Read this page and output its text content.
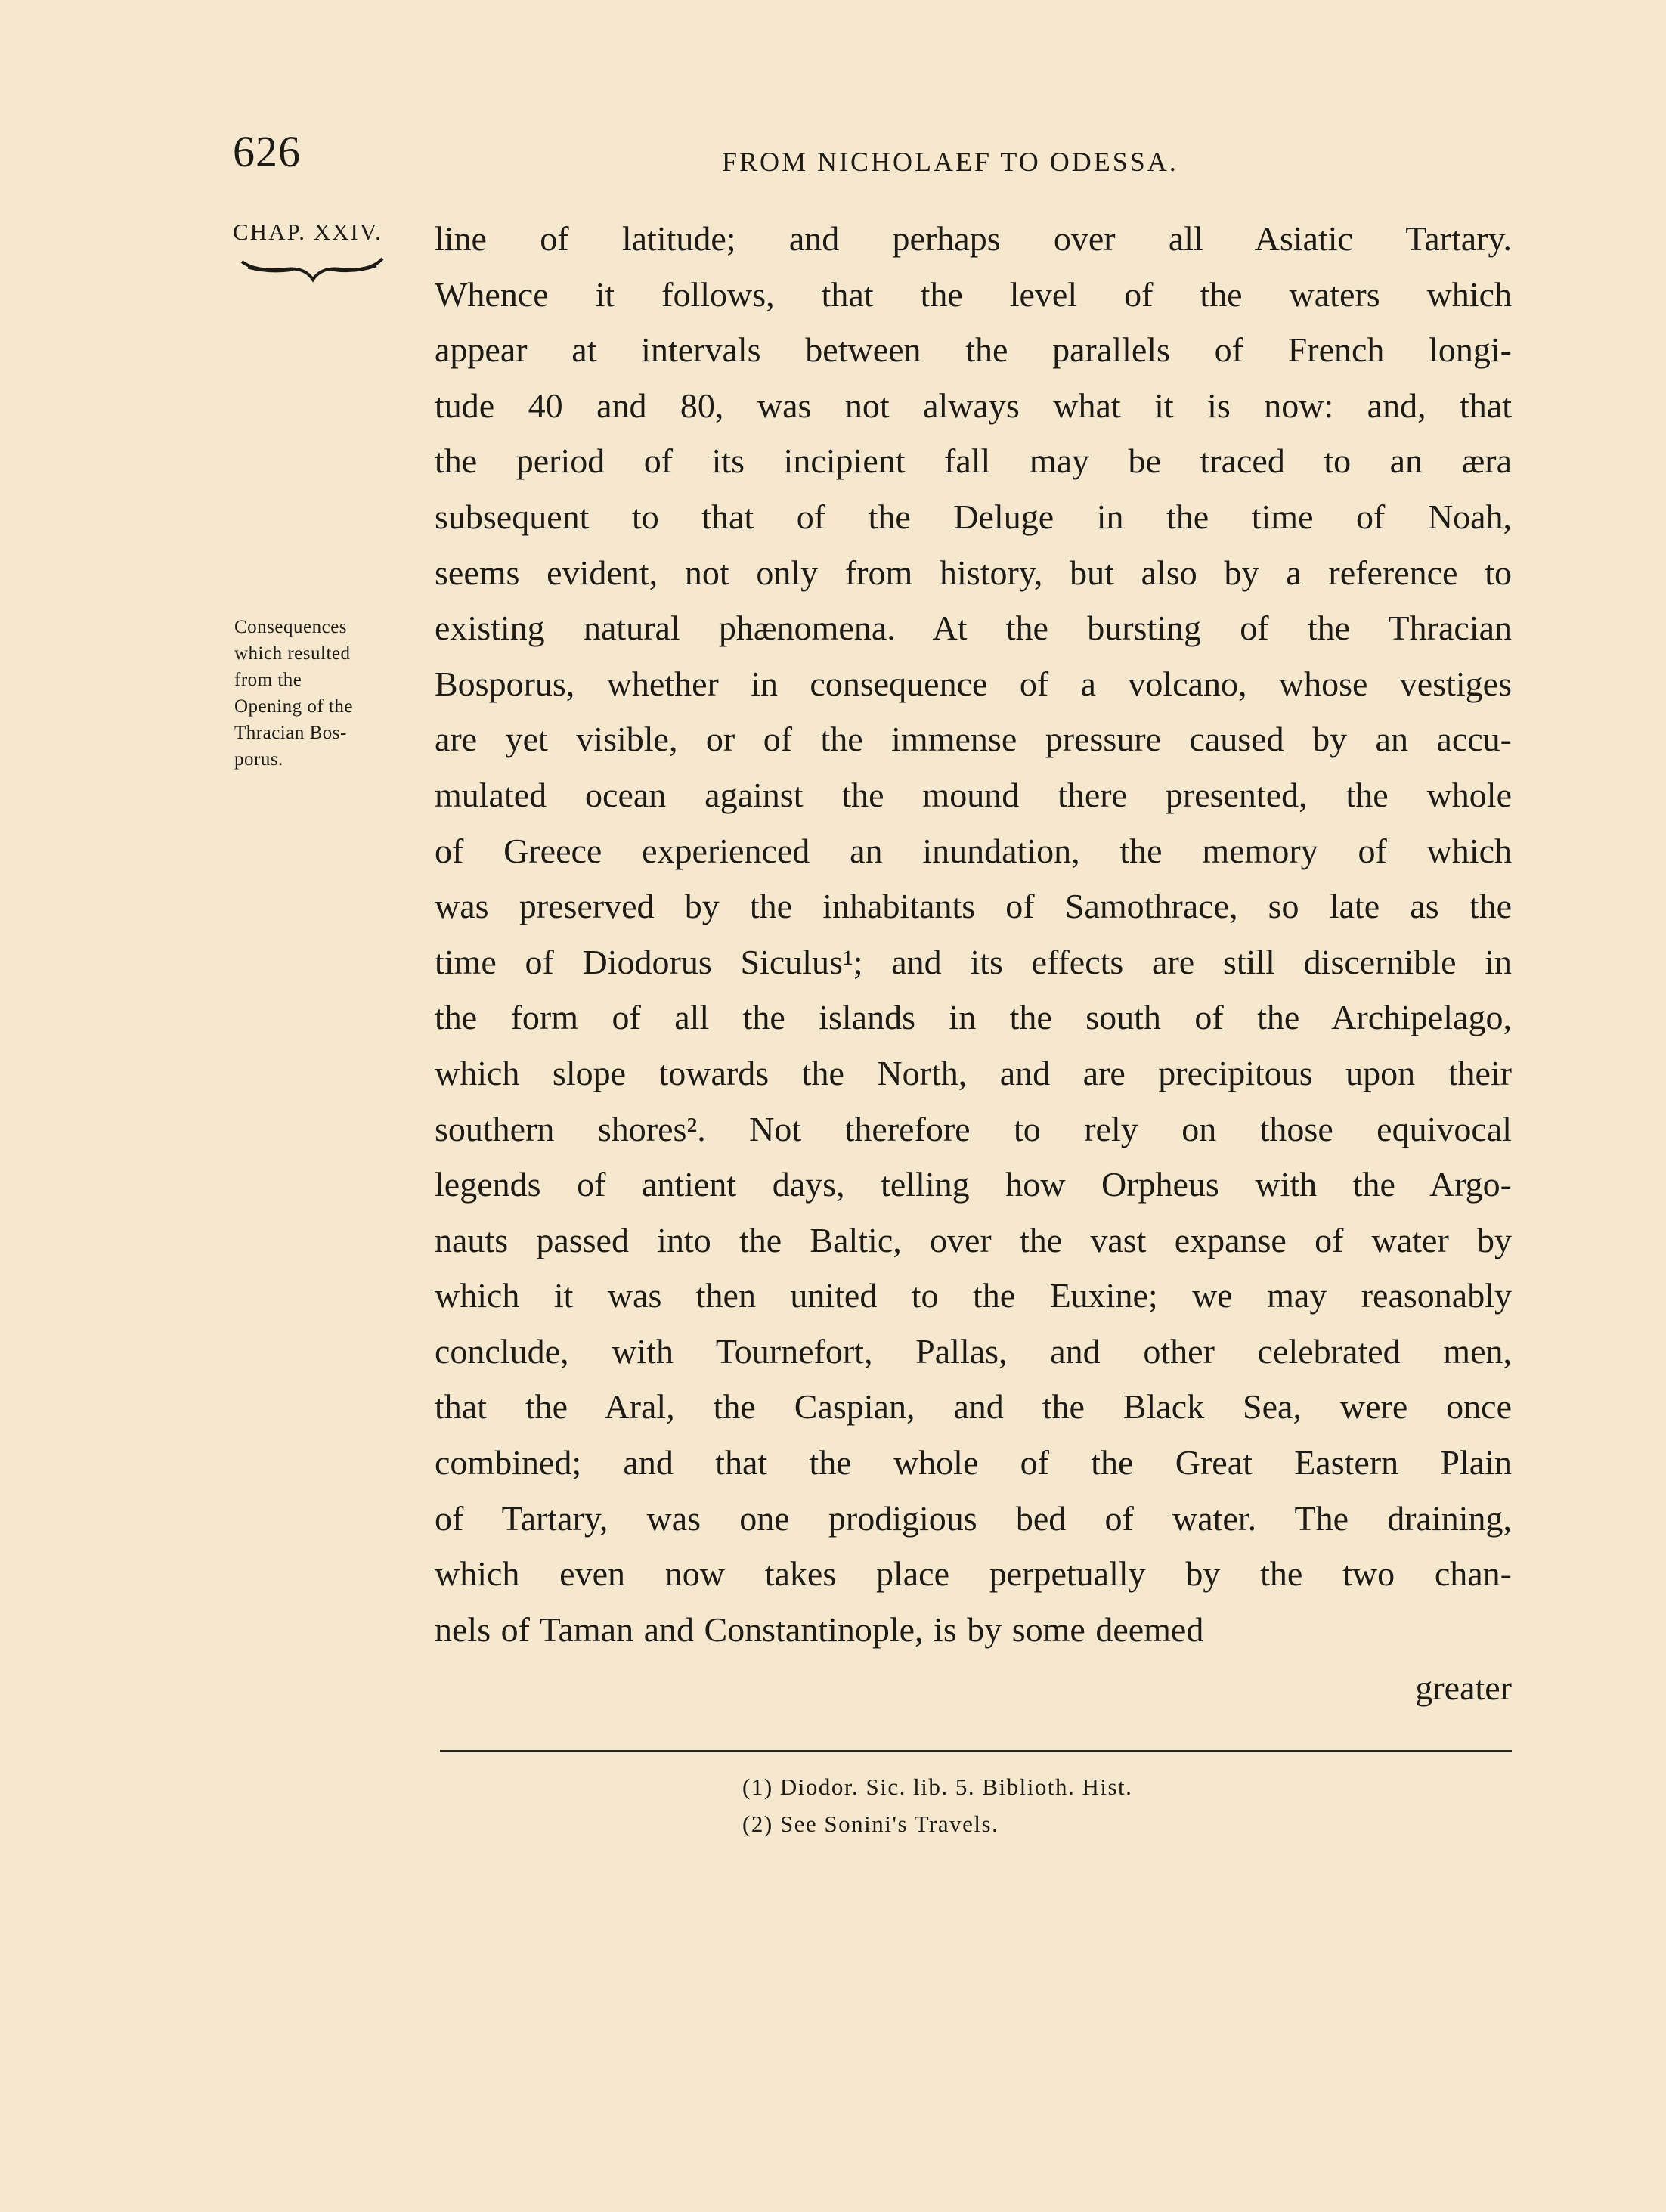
626	FROM NICHOLAEF TO ODESSA.
CHAP. XXIV.
Consequences
which resulted
from the
Opening of the
Thracian Bos-
porus.
line of latitude; and perhaps over all Asiatic Tartary.
Whence it follows, that the level of the waters which
appear at intervals between the parallels of French longi-
tude 40 and 80, was not always what it is now: and, that
the period of its incipient fall may be traced to an æra
subsequent to that of the Deluge in the time of Noah,
seems evident, not only from history, but also by a reference to
existing natural phænomena. At the bursting of the Thracian
Bosporus, whether in consequence of a volcano, whose vestiges
are yet visible, or of the immense pressure caused by an accu-
mulated ocean against the mound there presented, the whole
of Greece experienced an inundation, the memory of which
was preserved by the inhabitants of Samothrace, so late as the
time of Diodorus Siculus¹; and its effects are still discernible in
the form of all the islands in the south of the Archipelago,
which slope towards the North, and are precipitous upon their
southern shores². Not therefore to rely on those equivocal
legends of antient days, telling how Orpheus with the Argo-
nauts passed into the Baltic, over the vast expanse of water by
which it was then united to the Euxine; we may reasonably
conclude, with Tournefort, Pallas, and other celebrated men,
that the Aral, the Caspian, and the Black Sea, were once
combined; and that the whole of the Great Eastern Plain
of Tartary, was one prodigious bed of water. The draining,
which even now takes place perpetually by the two chan-
nels of Taman and Constantinople, is by some deemed
greater
(1) Diodor. Sic. lib. 5. Biblioth. Hist.
(2) See Sonini's Travels.
